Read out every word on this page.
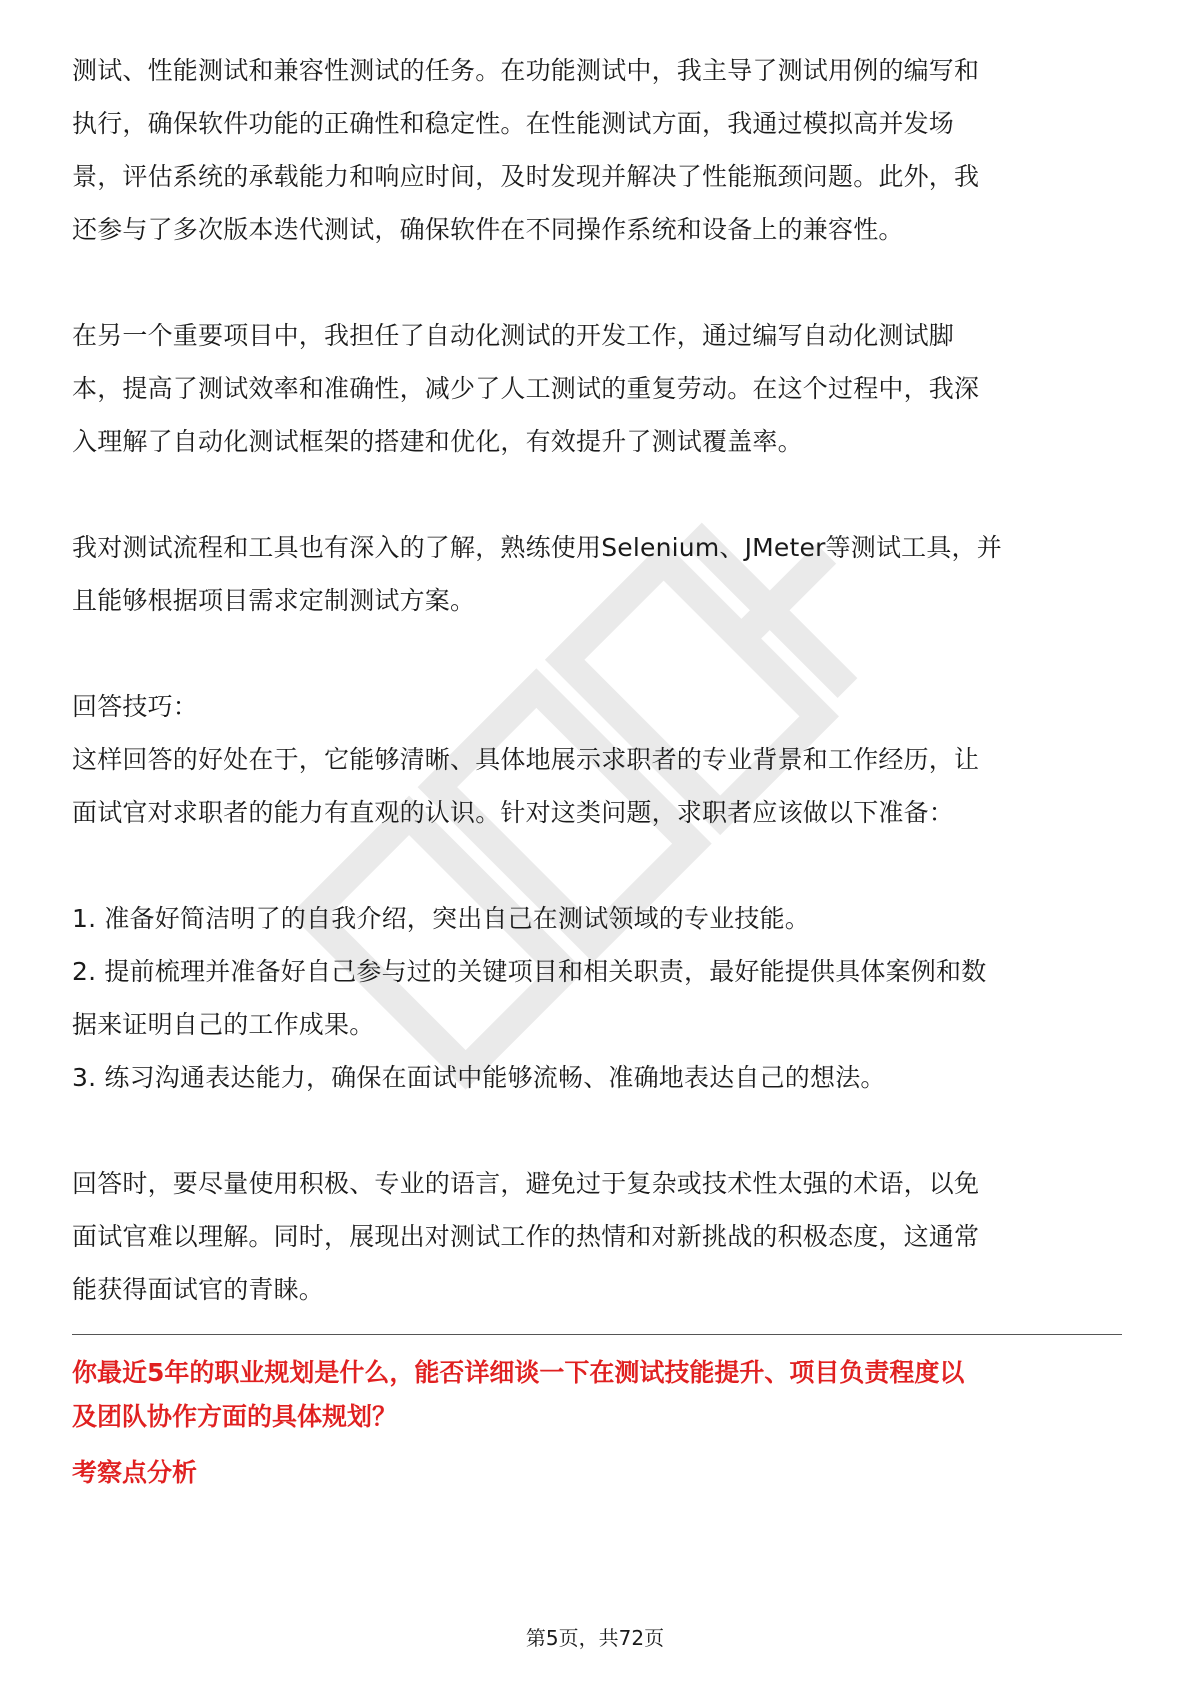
测试、性能测试和兼容性测试的任务。在功能测试中，我主导了测试用例的编写和

执行，确保软件功能的正确性和稳定性。在性能测试方面，我通过模拟高并发场

景，评估系统的承载能力和响应时间，及时发现并解决了性能瓶颈问题。此外，我

还参与了多次版本迭代测试，确保软件在不同操作系统和设备上的兼容性。

在另一个重要项目中，我担任了自动化测试的开发工作，通过编写自动化测试脚

本，提高了测试效率和准确性，减少了人工测试的重复劳动。在这个过程中，我深

入理解了自动化测试框架的搭建和优化，有效提升了测试覆盖率。

我对测试流程和工具也有深入的了解，熟练使用Selenium、JMeter等测试工具，并

且能够根据项目需求定制测试方案。

回答技巧：

这样回答的好处在于，它能够清晰、具体地展示求职者的专业背景和工作经历，让

面试官对求职者的能力有直观的认识。针对这类问题，求职者应该做以下准备：

1. 准备好简洁明了的自我介绍，突出自己在测试领域的专业技能。

2. 提前梳理并准备好自己参与过的关键项目和相关职责，最好能提供具体案例和数

据来证明自己的工作成果。

3. 练习沟通表达能力，确保在面试中能够流畅、准确地表达自己的想法。

回答时，要尽量使用积极、专业的语言，避免过于复杂或技术性太强的术语，以免

面试官难以理解。同时，展现出对测试工作的热情和对新挑战的积极态度，这通常

能获得面试官的青睐。

你最近5年的职业规划是什么，能否详细谈一下在测试技能提升、项目负责程度以

及团队协作方面的具体规划？

考察点分析

第5页，共72页
